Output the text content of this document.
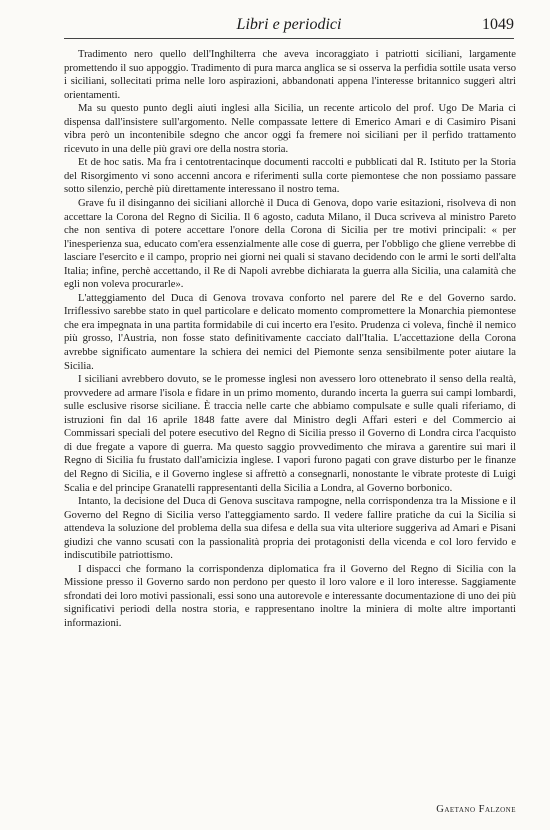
Libri e periodici	1049

Tradimento nero quello dell'Inghilterra che aveva incoraggiato i patriotti siciliani, largamente promettendo il suo appoggio. Tradimento di pura marca anglica se si osserva la perfidia sottile usata verso i siciliani, sollecitati prima nelle loro aspirazioni, abbandonati appena l'interesse britannico suggerì altri orientamenti.

Ma su questo punto degli aiuti inglesi alla Sicilia, un recente articolo del prof. Ugo De Maria ci dispensa dall'insistere sull'argomento. Nelle compassate lettere di Emerico Amari e di Casimiro Pisani vibra però un incontenibile sdegno che ancor oggi fa fremere noi siciliani per il perfido trattamento ricevuto in una delle più gravi ore della nostra storia.

Et de hoc satis. Ma fra i centotrentacinque documenti raccolti e pubblicati dal R. Istituto per la Storia del Risorgimento vi sono accenni ancora e riferimenti sulla corte piemontese che non possiamo passare sotto silenzio, perchè più direttamente interessano il nostro tema.

Grave fu il disinganno dei siciliani allorchè il Duca di Genova, dopo varie esitazioni, risolveva di non accettare la Corona del Regno di Sicilia. Il 6 agosto, caduta Milano, il Duca scriveva al ministro Pareto che non sentiva di potere accettare l'onore della Corona di Sicilia per tre motivi principali: « per l'inesperienza sua, educato com'era essenzialmente alle cose di guerra, per l'obbligo che gliene verrebbe di lasciare l'esercito e il campo, proprio nei giorni nei quali si stavano decidendo con le armi le sorti dell'alta Italia; infine, perchè accettando, il Re di Napoli avrebbe dichiarata la guerra alla Sicilia, una calamità che egli non voleva procurarle».

L'atteggiamento del Duca di Genova trovava conforto nel parere del Re e del Governo sardo. Irriflessivo sarebbe stato in quel particolare e delicato momento compromettere la Monarchia piemontese che era impegnata in una partita formidabile di cui incerto era l'esito. Prudenza ci voleva, finchè il nemico più grosso, l'Austria, non fosse stato definitivamente cacciato dall'Italia. L'accettazione della Corona avrebbe significato aumentare la schiera dei nemici del Piemonte senza sensibilmente poter aiutare la Sicilia.

I siciliani avrebbero dovuto, se le promesse inglesi non avessero loro ottenebrato il senso della realtà, provvedere ad armare l'isola e fidare in un primo momento, durando incerta la guerra sui campi lombardi, sulle esclusive risorse siciliane. È traccia nelle carte che abbiamo compulsate e sulle quali riferiamo, di istruzioni fin dal 16 aprile 1848 fatte avere dal Ministro degli Affari esteri e del Commercio ai Commissari speciali del potere esecutivo del Regno di Sicilia presso il Governo di Londra circa l'acquisto di due fregate a vapore di guerra. Ma questo saggio provvedimento che mirava a garentire sui mari il Regno di Sicilia fu frustato dall'amicizia inglese. I vapori furono pagati con grave disturbo per le finanze del Regno di Sicilia, e il Governo inglese si affrettò a consegnarli, nonostante le vibrate proteste di Luigi Scalia e del principe Granatelli rappresentanti della Sicilia a Londra, al Governo borbonico.

Intanto, la decisione del Duca di Genova suscitava rampogne, nella corrispondenza tra la Missione e il Governo del Regno di Sicilia verso l'atteggiamento sardo. Il vedere fallire pratiche da cui la Sicilia si attendeva la soluzione del problema della sua difesa e della sua vita ulteriore suggeriva ad Amari e Pisani giudizi che vanno scusati con la passionalità propria dei protagonisti della vicenda e col loro fervido e indiscutibile patriottismo.

I dispacci che formano la corrispondenza diplomatica fra il Governo del Regno di Sicilia con la Missione presso il Governo sardo non perdono per questo il loro valore e il loro interesse. Saggiamente sfrondati dei loro motivi passionali, essi sono una autorevole e interessante documentazione di uno dei più significativi periodi della nostra storia, e rappresentano inoltre la miniera di molte altre importanti informazioni.

Gaetano Falzone
